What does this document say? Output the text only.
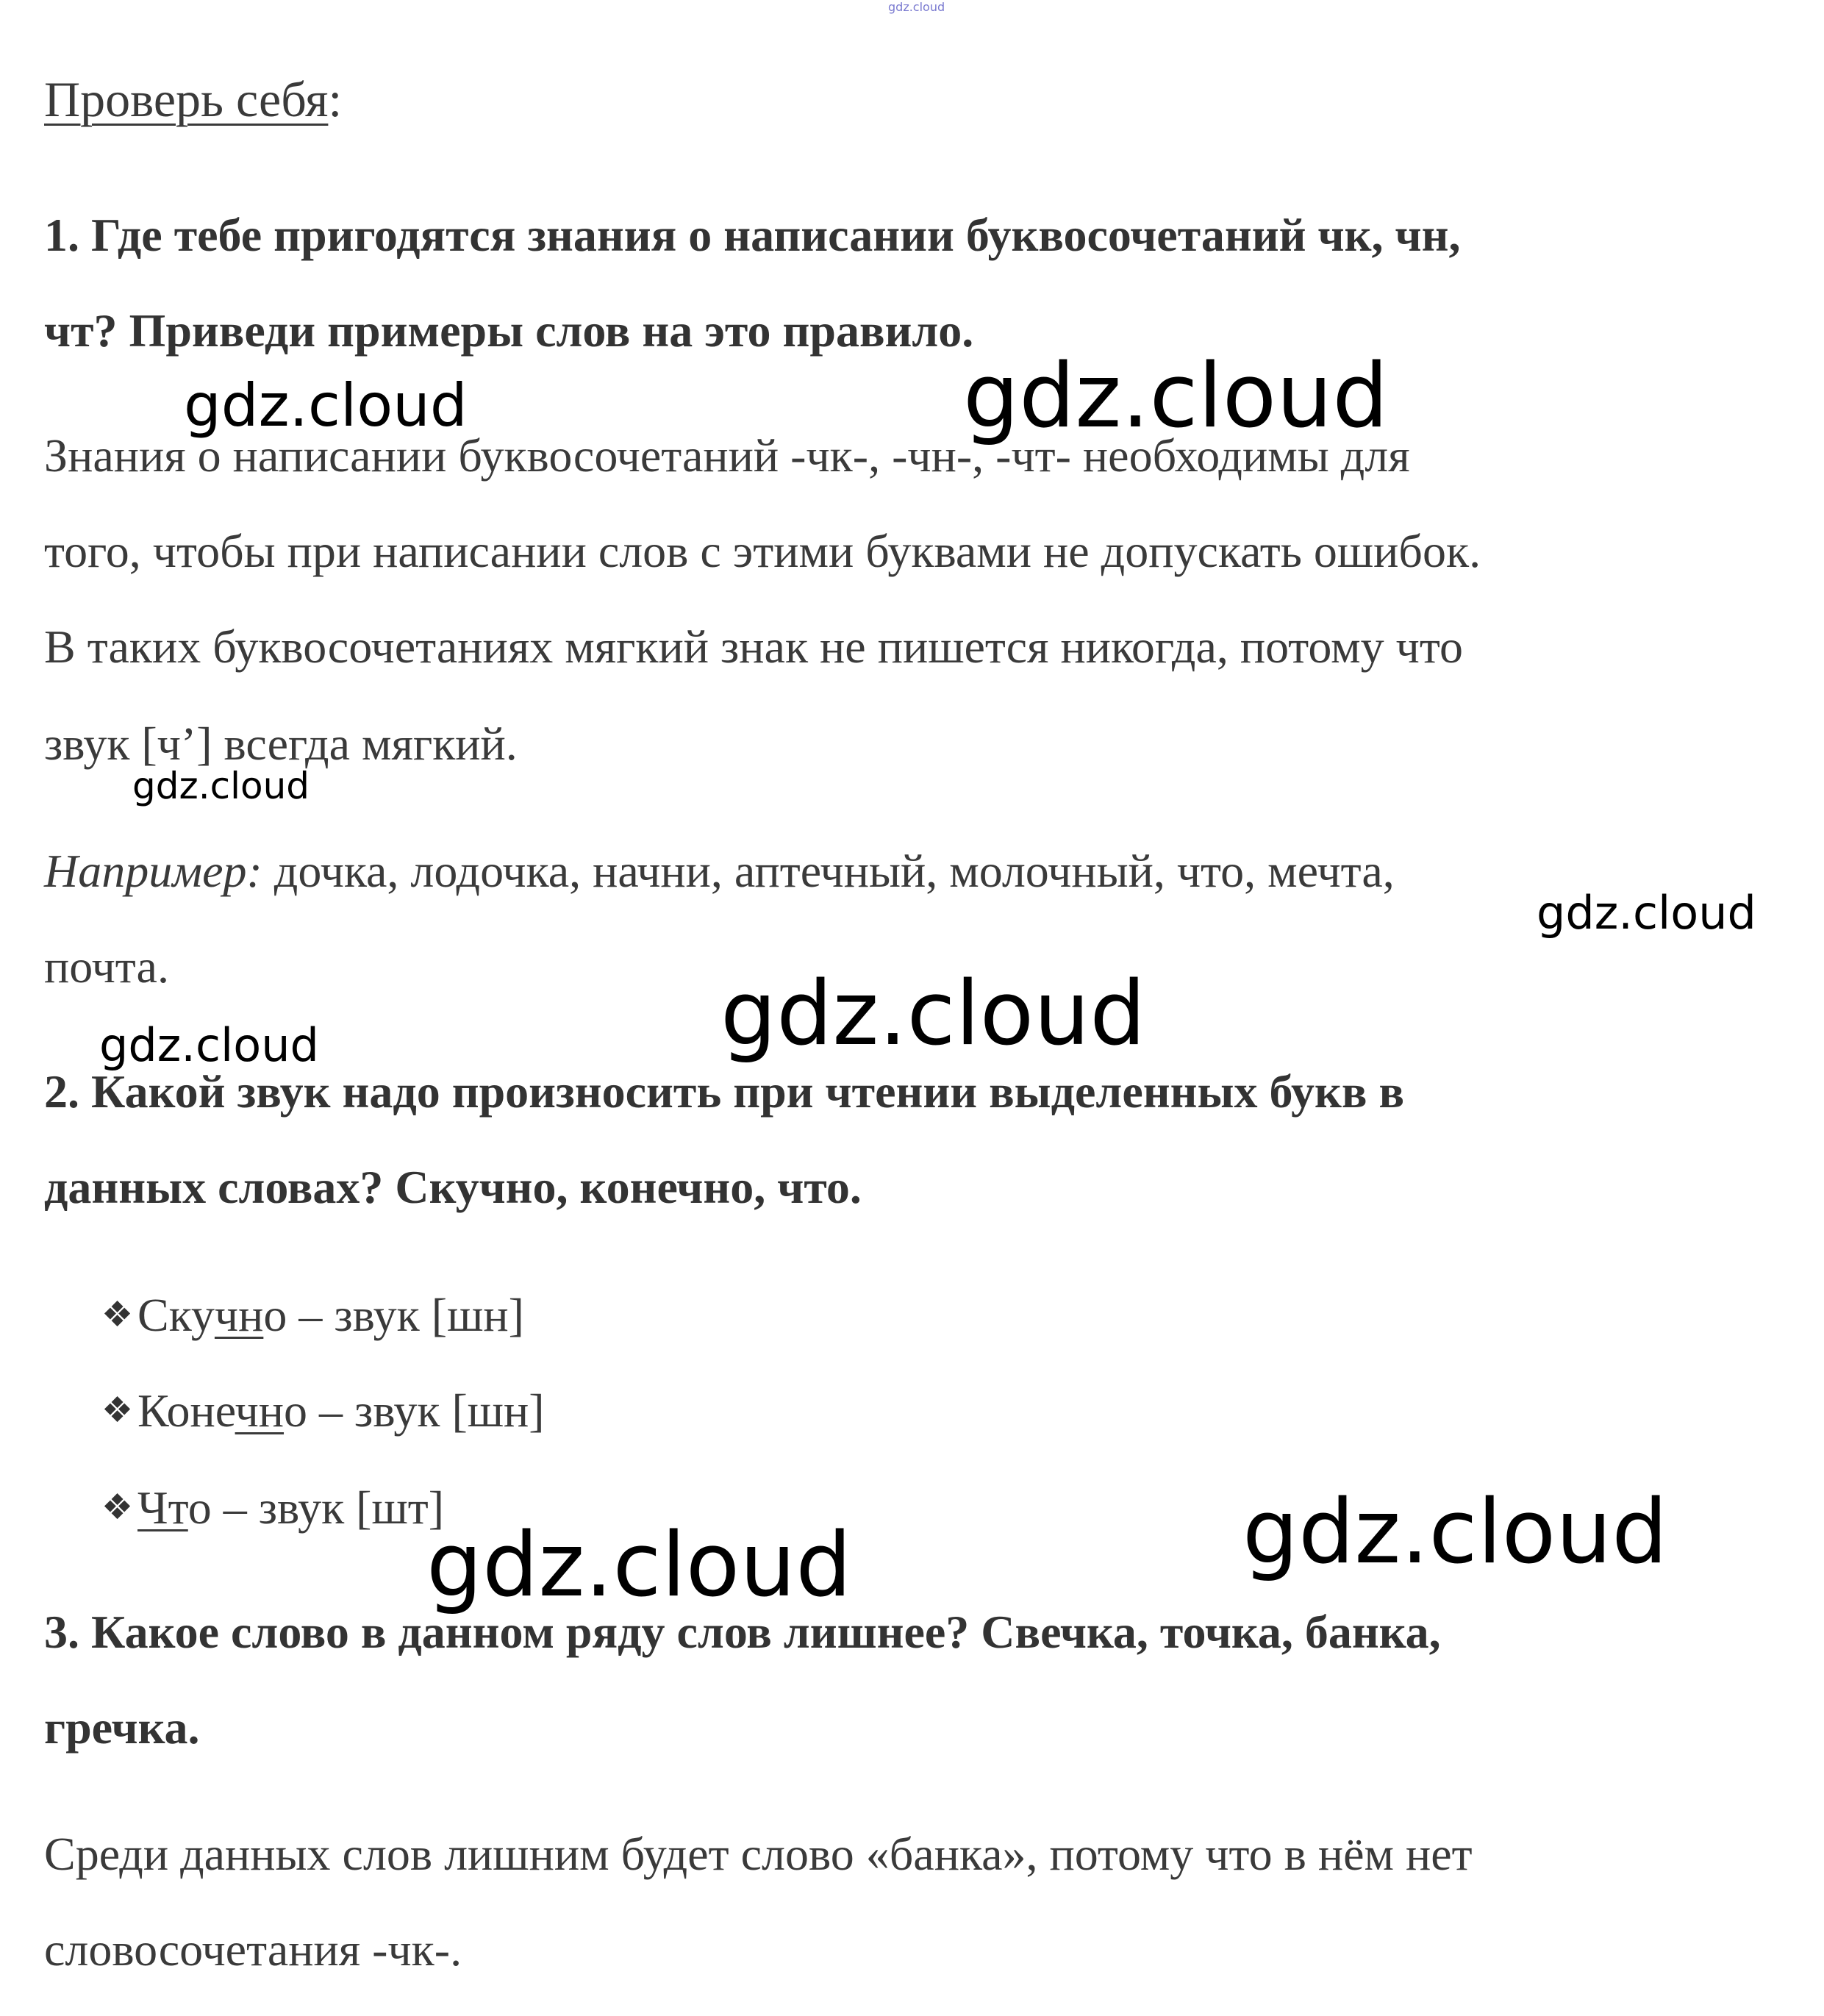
gdz.cloud
Проверь себя:
1. Где тебе пригодятся знания о написании буквосочетаний чк, чн,
чт? Приведи примеры слов на это правило.
Знания о написании буквосочетаний -чк-, -чн-, -чт- необходимы для
того, чтобы при написании слов с этими буквами не допускать ошибок.
В таких буквосочетаниях мягкий знак не пишется никогда, потому что
звук [ч’] всегда мягкий.
Например: дочка, лодочка, начни, аптечный, молочный, что, мечта,
почта.
2. Какой звук надо произносить при чтении выделенных букв в
данных словах? Скучно, конечно, что.
❖Скучно – звук [шн]
❖Конечно – звук [шн]
❖Что – звук [шт]
3. Какое слово в данном ряду слов лишнее? Свечка, точка, банка,
гречка.
Среди данных слов лишним будет слово «банка», потому что в нём нет
словосочетания -чк-.
gdz.cloud	gdz.cloud
gdz.cloud
gdz.cloud
gdz.cloud
gdz.cloud
gdz.cloud
gdz.cloud
